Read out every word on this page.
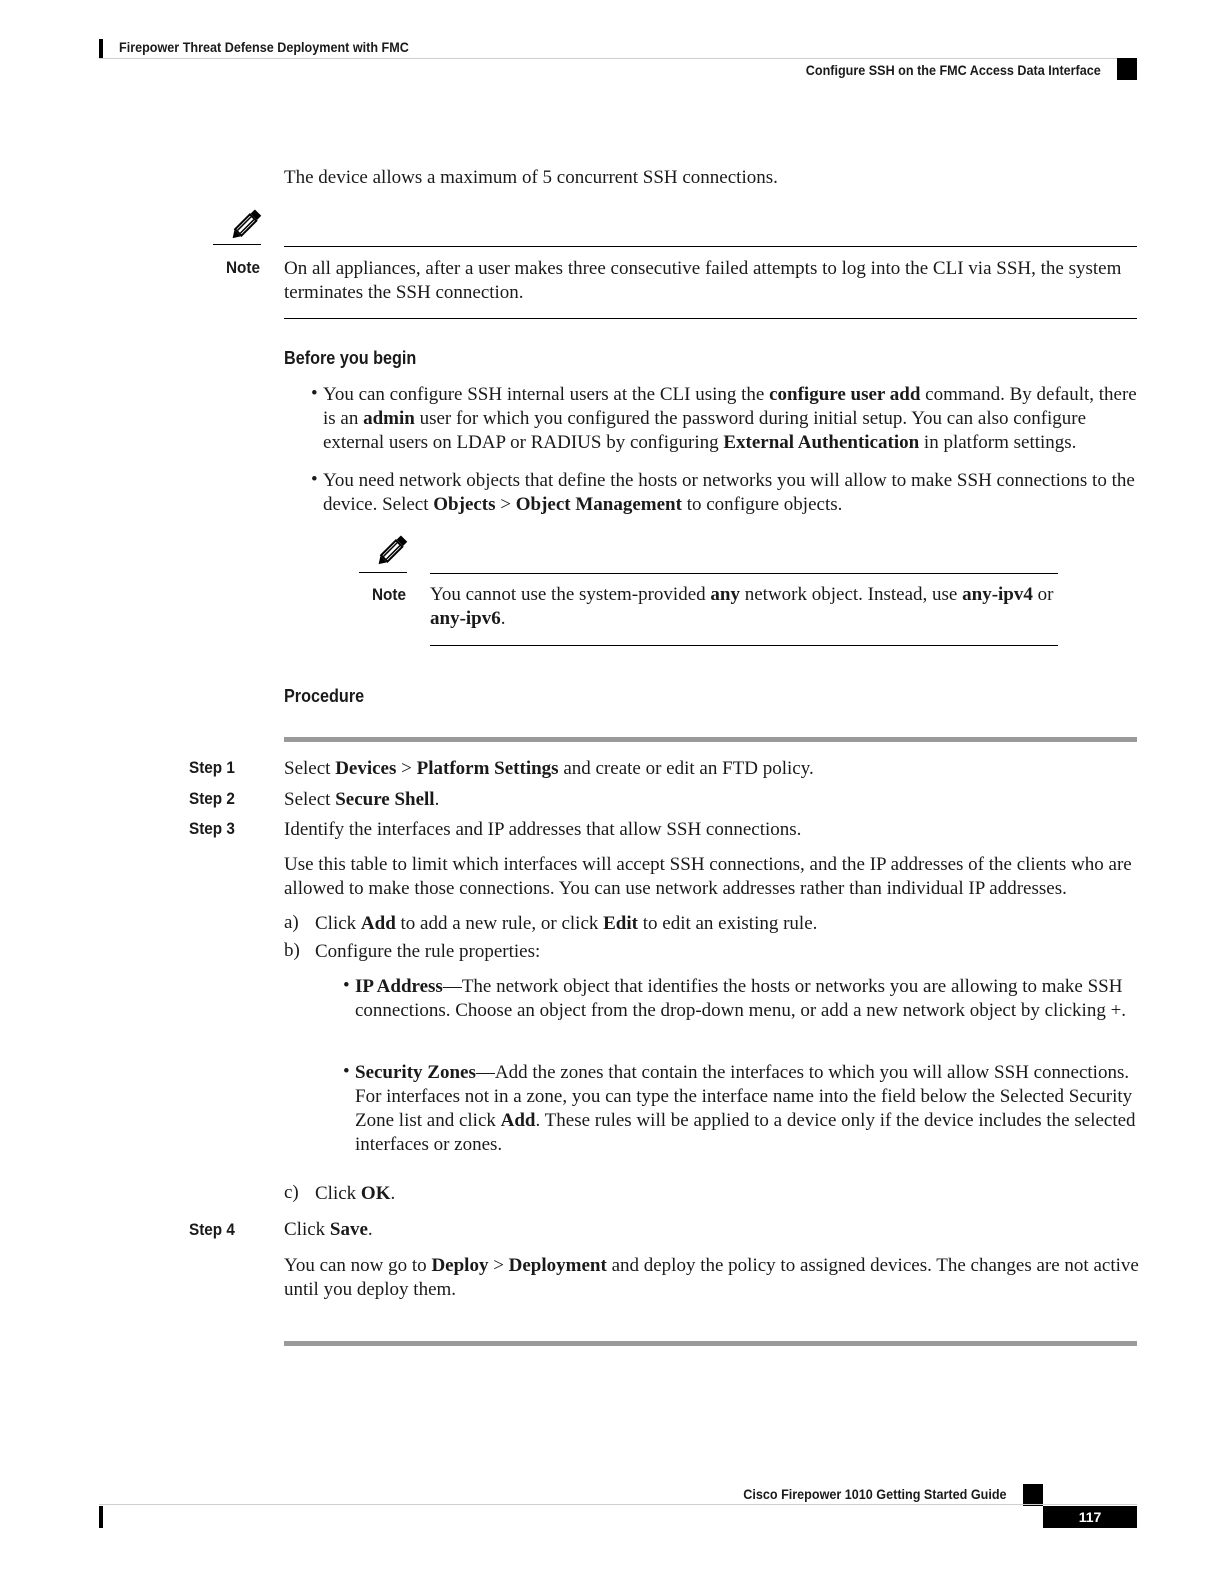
Firepower Threat Defense Deployment with FMC
Configure SSH on the FMC Access Data Interface
The device allows a maximum of 5 concurrent SSH connections.
Note On all appliances, after a user makes three consecutive failed attempts to log into the CLI via SSH, the system terminates the SSH connection.
Before you begin
• You can configure SSH internal users at the CLI using the configure user add command. By default, there is an admin user for which you configured the password during initial setup. You can also configure external users on LDAP or RADIUS by configuring External Authentication in platform settings.
• You need network objects that define the hosts or networks you will allow to make SSH connections to the device. Select Objects > Object Management to configure objects.
Note You cannot use the system-provided any network object. Instead, use any-ipv4 or any-ipv6.
Procedure
Step 1	Select Devices > Platform Settings and create or edit an FTD policy.
Step 2	Select Secure Shell.
Step 3	Identify the interfaces and IP addresses that allow SSH connections.
Use this table to limit which interfaces will accept SSH connections, and the IP addresses of the clients who are allowed to make those connections. You can use network addresses rather than individual IP addresses.
a) Click Add to add a new rule, or click Edit to edit an existing rule.
b) Configure the rule properties:
• IP Address—The network object that identifies the hosts or networks you are allowing to make SSH connections. Choose an object from the drop-down menu, or add a new network object by clicking +.
• Security Zones—Add the zones that contain the interfaces to which you will allow SSH connections. For interfaces not in a zone, you can type the interface name into the field below the Selected Security Zone list and click Add. These rules will be applied to a device only if the device includes the selected interfaces or zones.
c) Click OK.
Step 4	Click Save.
You can now go to Deploy > Deployment and deploy the policy to assigned devices. The changes are not active until you deploy them.
Cisco Firepower 1010 Getting Started Guide
117
